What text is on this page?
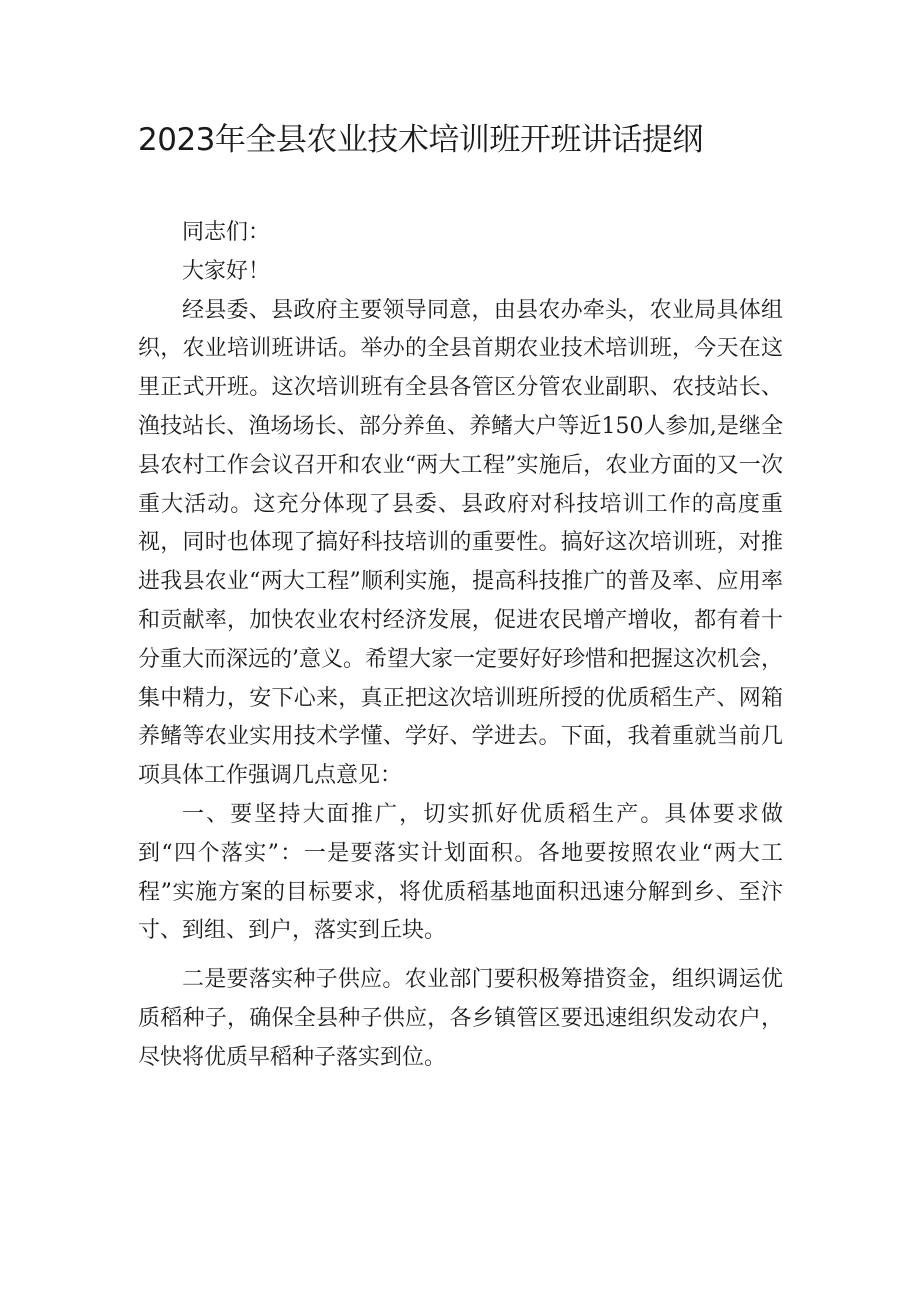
2023年全县农业技术培训班开班讲话提纲

同志们：

大家好！

经县委、县政府主要领导同意，由县农办牵头，农业局具体组织，农业培训班讲话。举办的全县首期农业技术培训班，今天在这里正式开班。这次培训班有全县各管区分管农业副职、农技站长、渔技站长、渔场场长、部分养鱼、养鳍大户等近150人参加,是继全县农村工作会议召开和农业“两大工程”实施后，农业方面的又一次重大活动。这充分体现了县委、县政府对科技培训工作的高度重视，同时也体现了搞好科技培训的重要性。搞好这次培训班，对推进我县农业“两大工程”顺利实施，提高科技推广的普及率、应用率和贡献率，加快农业农村经济发展，促进农民增产增收，都有着十分重大而深远的’意义。希望大家一定要好好珍惜和把握这次机会，集中精力，安下心来，真正把这次培训班所授的优质稻生产、网箱养鳍等农业实用技术学懂、学好、学进去。下面，我着重就当前几项具体工作强调几点意见：

一、要坚持大面推广，切实抓好优质稻生产。具体要求做到“四个落实”：一是要落实计划面积。各地要按照农业“两大工程”实施方案的目标要求，将优质稻基地面积迅速分解到乡、至汴寸、到组、到户，落实到丘块。

二是要落实种子供应。农业部门要积极筹措资金，组织调运优质稻种子，确保全县种子供应，各乡镇管区要迅速组织发动农户，尽快将优质早稻种子落实到位。
